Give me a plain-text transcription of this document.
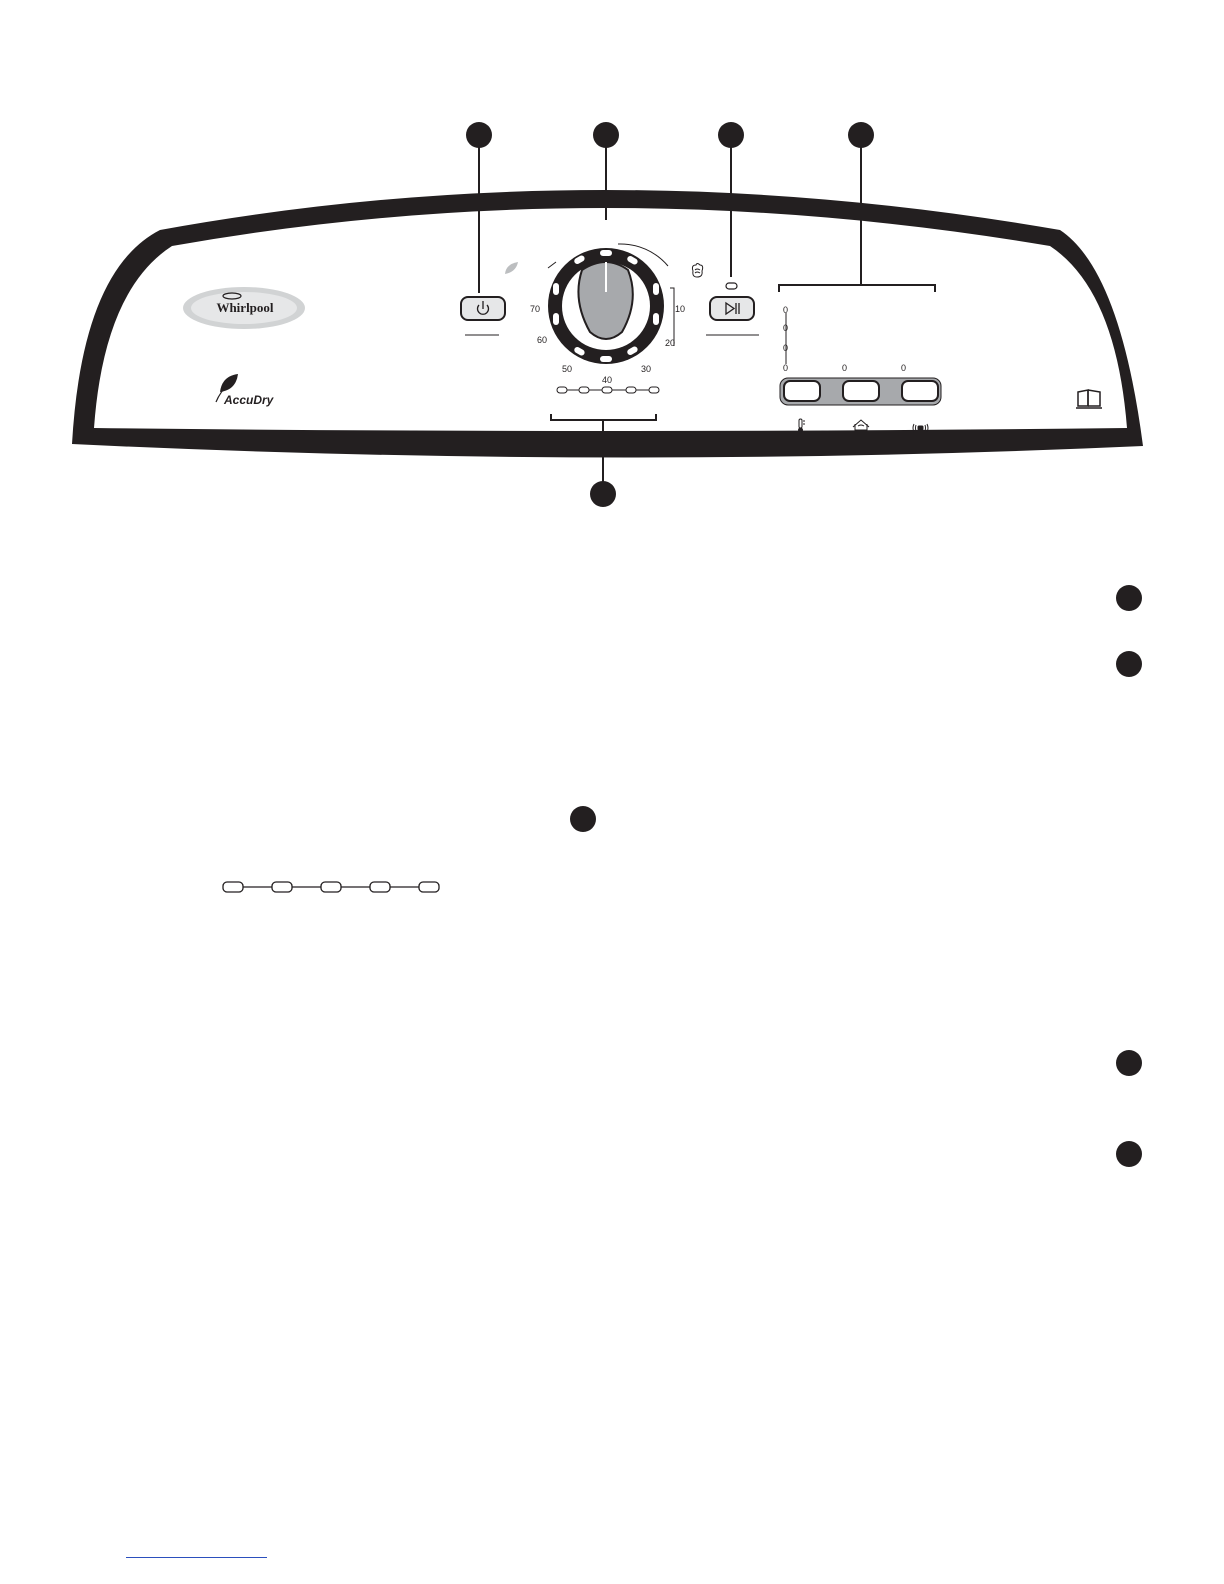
Whirlpool
AccuDry
70	10
60	20
50	30
40
0
0
0
0	0	0
